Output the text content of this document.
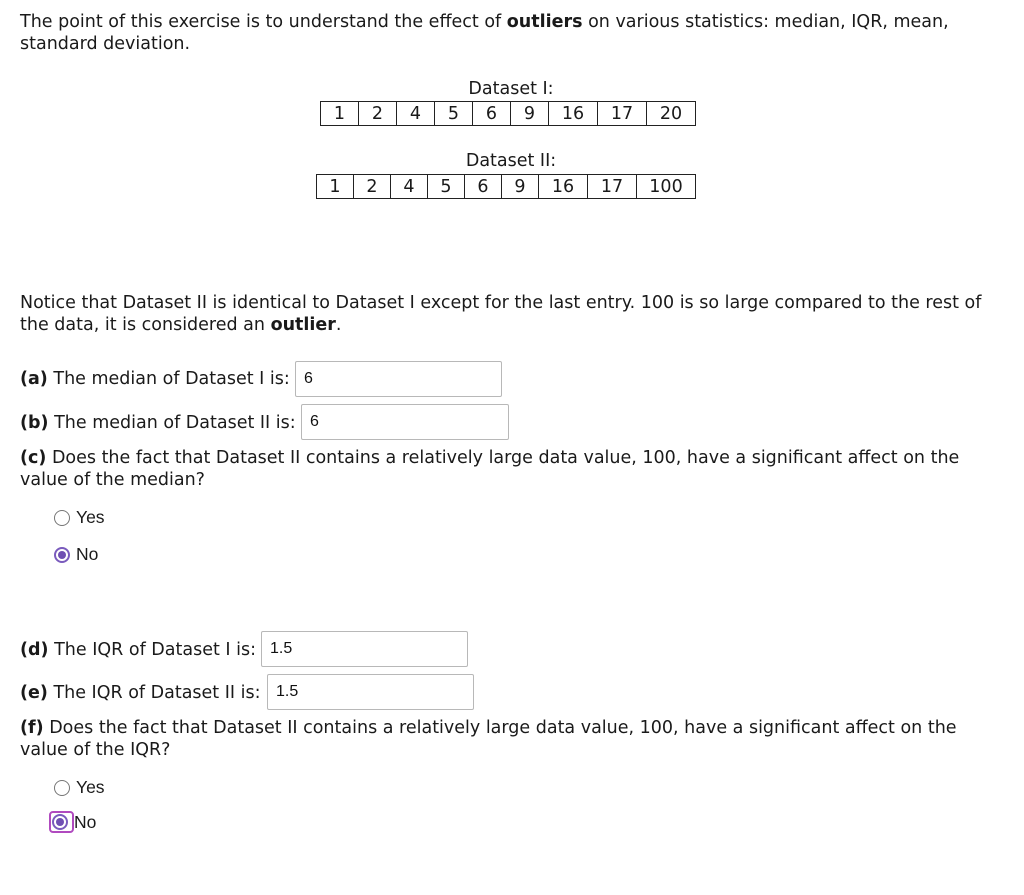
The point of this exercise is to understand the effect of outliers on various statistics: median, IQR, mean, standard deviation.

Dataset I:
1	2	4	5	6	9	16	17	20
Dataset II:
1	2	4	5	6	9	16	17	100

Notice that Dataset II is identical to Dataset I except for the last entry. 100 is so large compared to the rest of the data, it is considered an outlier.

(a) The median of Dataset I is:
6
(b) The median of Dataset II is:
6

(c) Does the fact that Dataset II contains a relatively large data value, 100, have a significant affect on the value of the median?

Yes
No
(d) The IQR of Dataset I is:
1.5
(e) The IQR of Dataset II is:
1.5

(f) Does the fact that Dataset II contains a relatively large data value, 100, have a significant affect on the value of the IQR?

Yes
No
